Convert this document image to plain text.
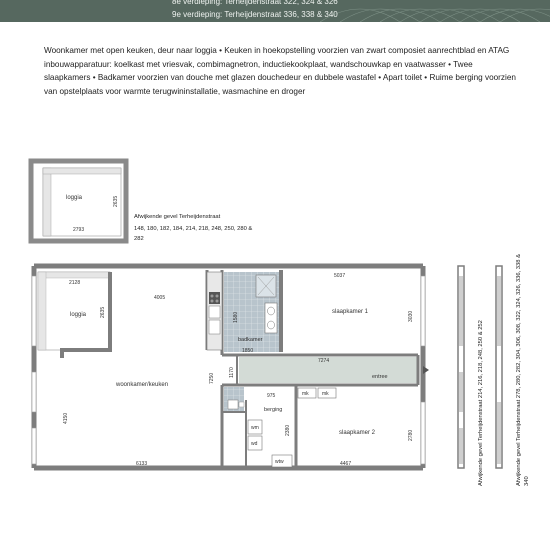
8e verdieping: Terheijdenstraat 322, 324 & 326
9e verdieping: Terheijdenstraat 336, 338 & 340
Woonkamer met open keuken, deur naar loggia • Keuken in hoekopstelling voorzien van zwart composiet aanrechtblad en ATAG inbouwapparatuur: koelkast met vriesvak, combimagnetron, inductiekookplaat, wandschouwkap en vaatwasser • Twee slaapkamers • Badkamer voorzien van douche met glazen douchedeur en dubbele wastafel • Apart toilet • Ruime berging voorzien van opstelplaats voor warmte terugwininstallatie, wasmachine en droger
loggia
2793
2635
badkamer
1850
1580
mk	mk
entree
7274
1170
berging
wm
wd
wtw
975
2380
loggia
2128
2635
4005
woonkamer/keuken
7250
4150
6133
slaapkamer 1
5037
3030
slaapkamer 2	2780
4467
Afwijkende gevel Terheijdenstraat
148, 180, 182, 184, 214, 218, 248, 250, 280 & 282
Afwijkende gevel Terheijdenstraat 214, 216, 218, 248, 250 & 252	Afwijkende gevel Terheijdenstraat 278, 280, 282, 304, 306, 308, 322, 324, 326, 336, 338 & 340
